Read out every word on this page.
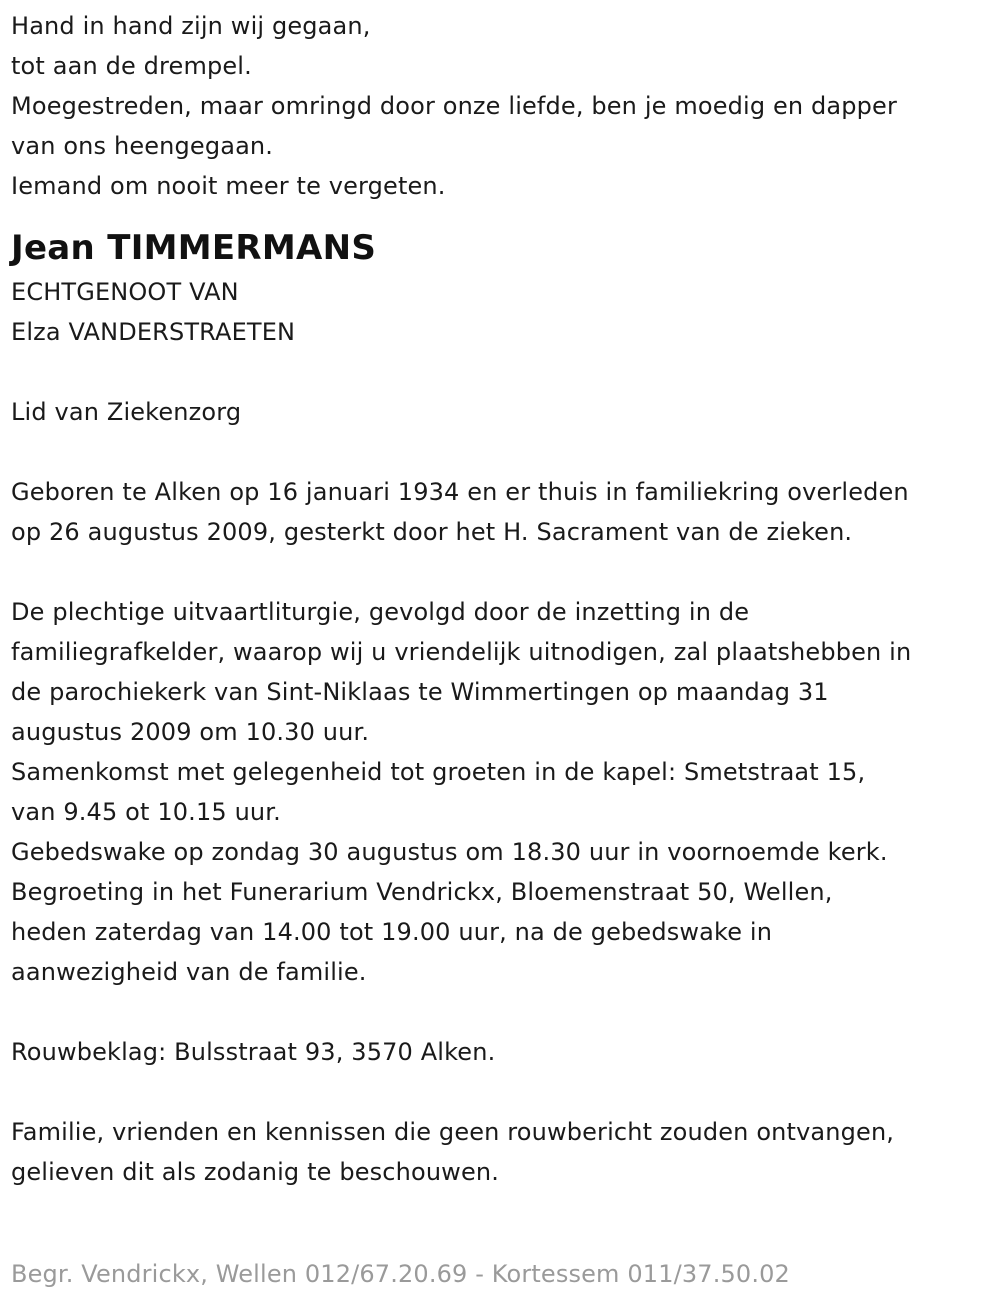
Hand in hand zijn wij gegaan,
tot aan de drempel.
Moegestreden, maar omringd door onze liefde, ben je moedig en dapper
van ons heengegaan.
Iemand om nooit meer te vergeten.
Jean TIMMERMANS
ECHTGENOOT VAN
Elza VANDERSTRAETEN
Lid van Ziekenzorg
Geboren te Alken op 16 januari 1934 en er thuis in familiekring overleden
op 26 augustus 2009, gesterkt door het H. Sacrament van de zieken.
De plechtige uitvaartliturgie, gevolgd door de inzetting in de
familiegrafkelder, waarop wij u vriendelijk uitnodigen, zal plaatshebben in
de parochiekerk van Sint-Niklaas te Wimmertingen op maandag 31
augustus 2009 om 10.30 uur.
Samenkomst met gelegenheid tot groeten in de kapel: Smetstraat 15,
van 9.45 ot 10.15 uur.
Gebedswake op zondag 30 augustus om 18.30 uur in voornoemde kerk.
Begroeting in het Funerarium Vendrickx, Bloemenstraat 50, Wellen,
heden zaterdag van 14.00 tot 19.00 uur, na de gebedswake in
aanwezigheid van de familie.
Rouwbeklag: Bulsstraat 93, 3570 Alken.
Familie, vrienden en kennissen die geen rouwbericht zouden ontvangen,
gelieven dit als zodanig te beschouwen.
Begr. Vendrickx, Wellen 012/67.20.69 - Kortessem 011/37.50.02
